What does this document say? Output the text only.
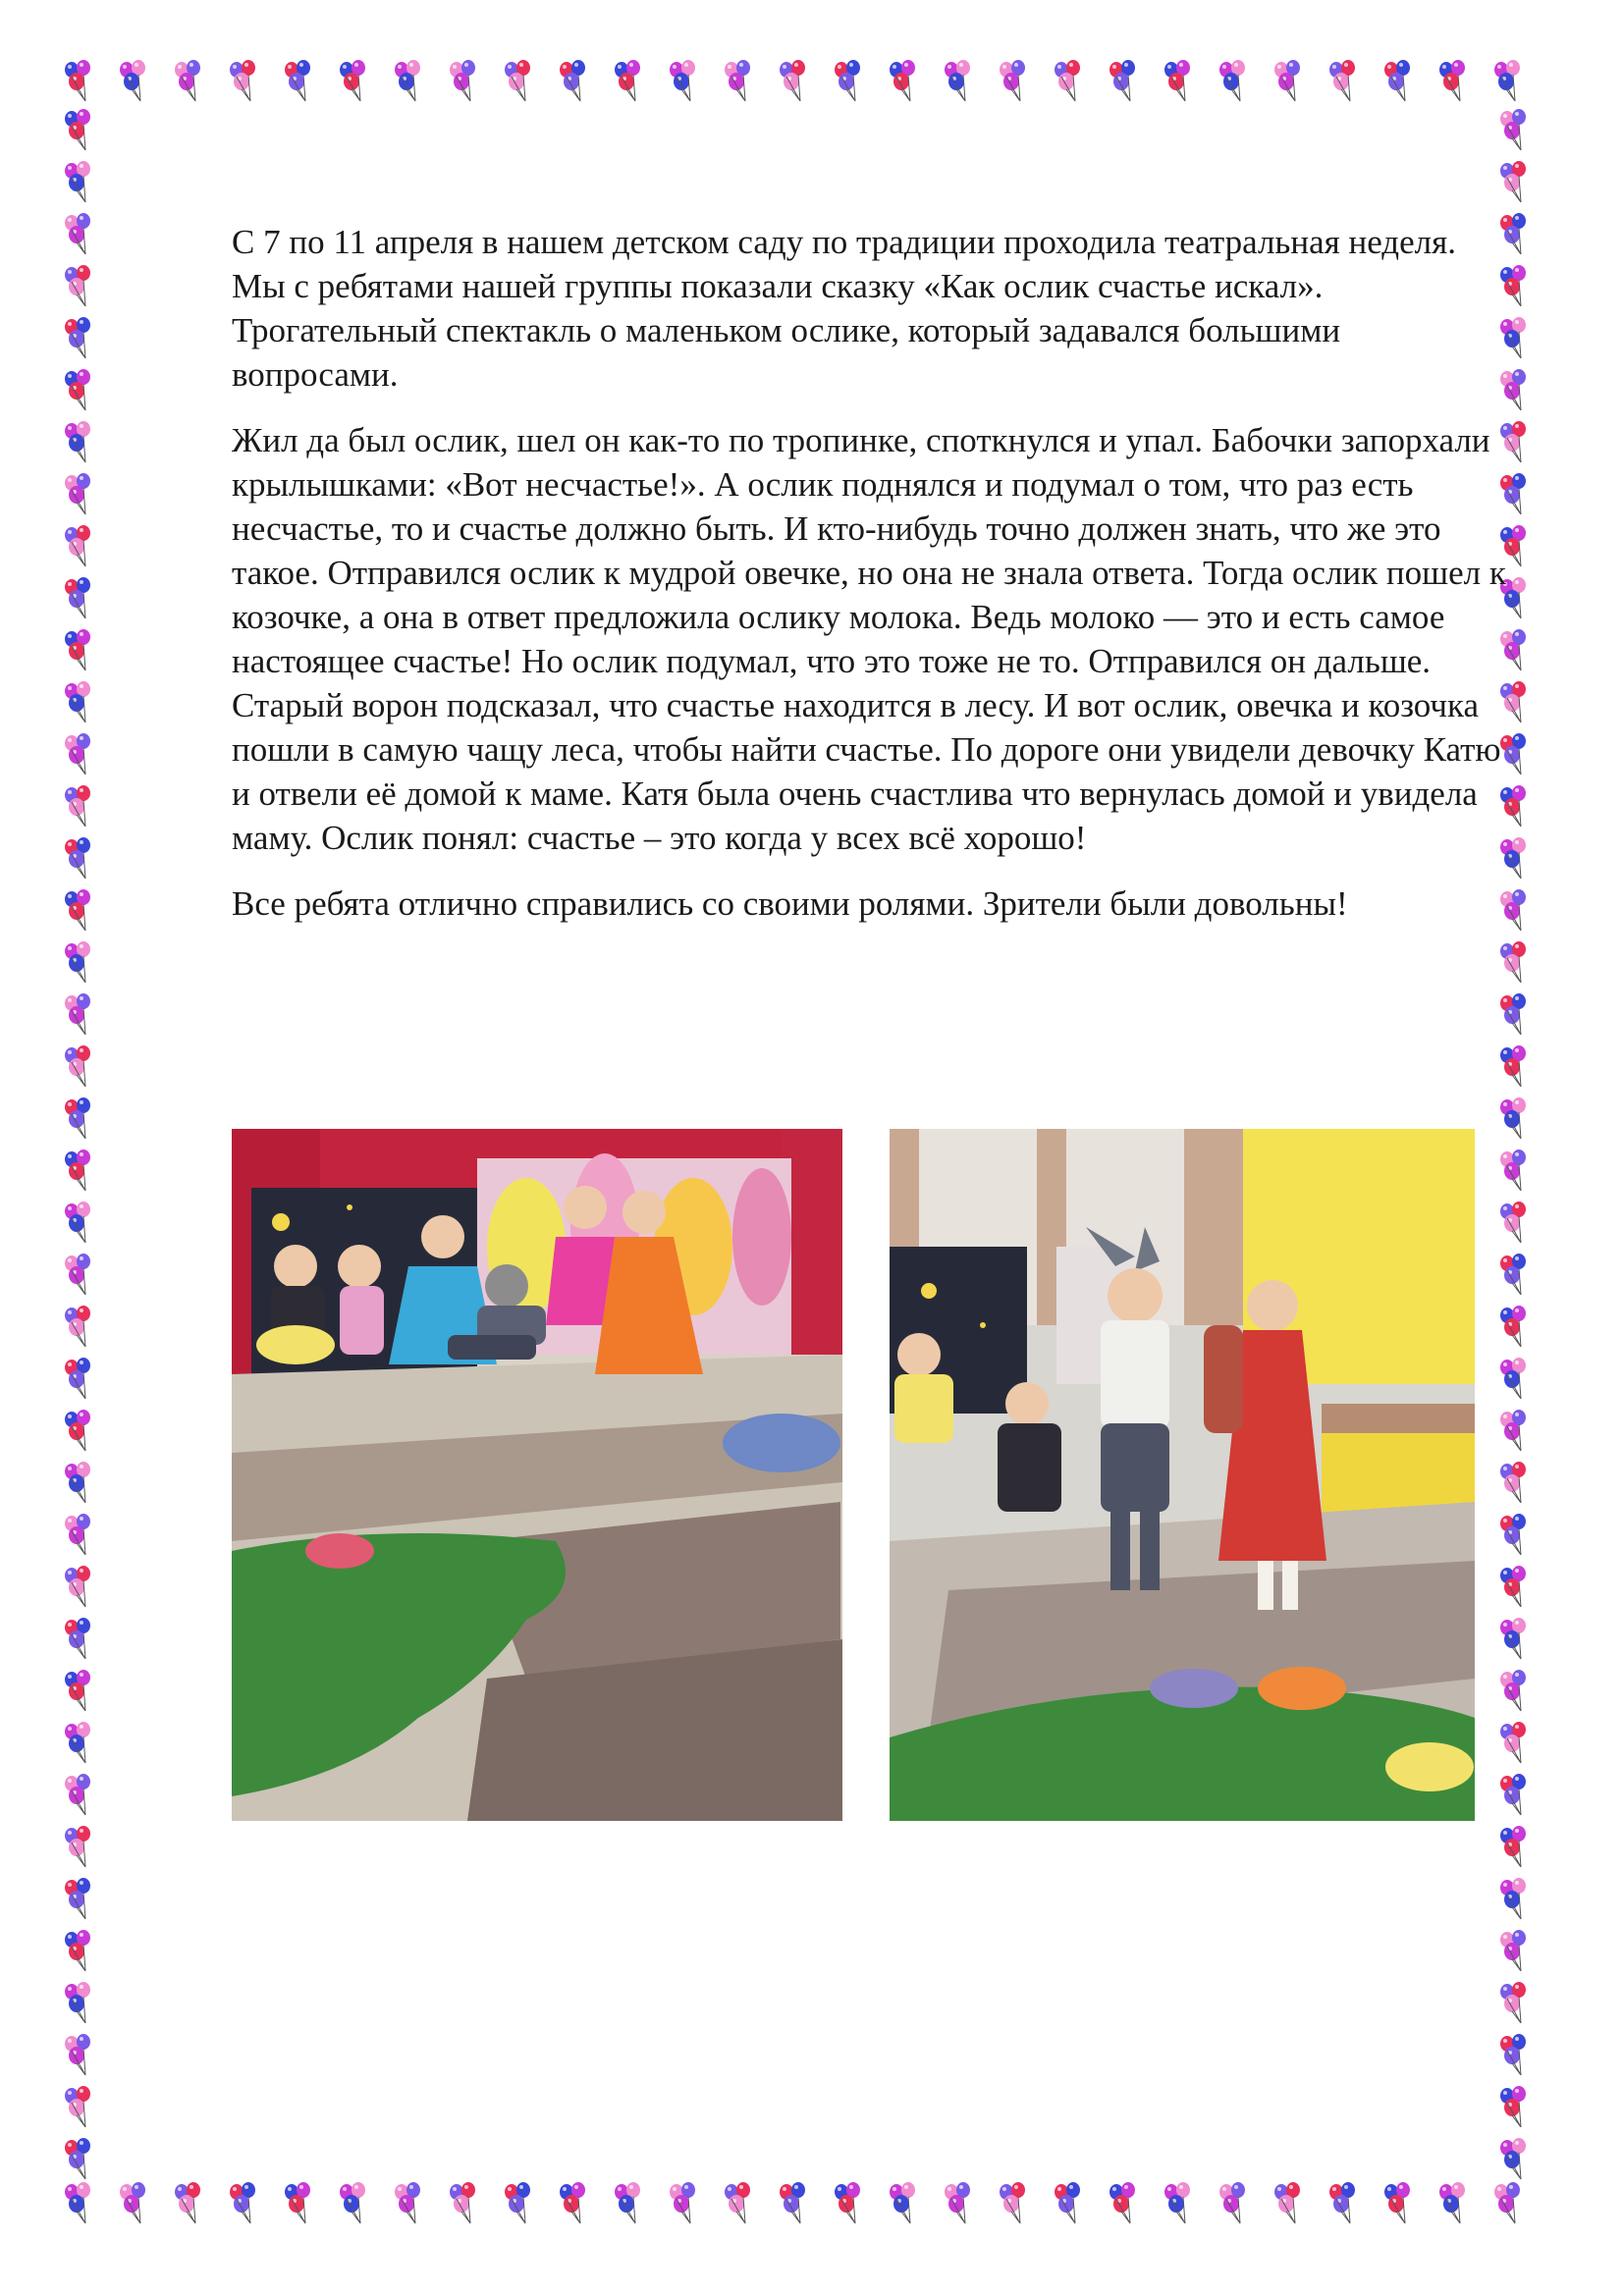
С 7 по 11 апреля в нашем детском саду по традиции проходила театральная неделя. Мы с ребятами нашей группы показали сказку «Как ослик счастье искал». Трогательный спектакль о маленьком ослике, который задавался большими вопросами.

Жил да был ослик, шел он как-то по тропинке, споткнулся и упал. Бабочки запорхали крылышками: «Вот несчастье!». А ослик поднялся и подумал о том, что раз есть несчастье, то и счастье должно быть. И кто-нибудь точно должен знать, что же это такое. Отправился ослик к мудрой овечке, но она не знала ответа. Тогда ослик пошел к козочке, а она в ответ предложила ослику молока. Ведь молоко — это и есть самое настоящее счастье! Но ослик подумал, что это тоже не то. Отправился он дальше. Старый ворон подсказал, что счастье находится в лесу. И вот ослик, овечка и козочка пошли в самую чащу леса, чтобы найти счастье. По дороге они увидели девочку Катю и отвели её домой к маме. Катя была очень счастлива что вернулась домой и увидела маму. Ослик понял: счастье – это когда у всех всё хорошо!

Все ребята отлично справились со своими ролями. Зрители были довольны!
